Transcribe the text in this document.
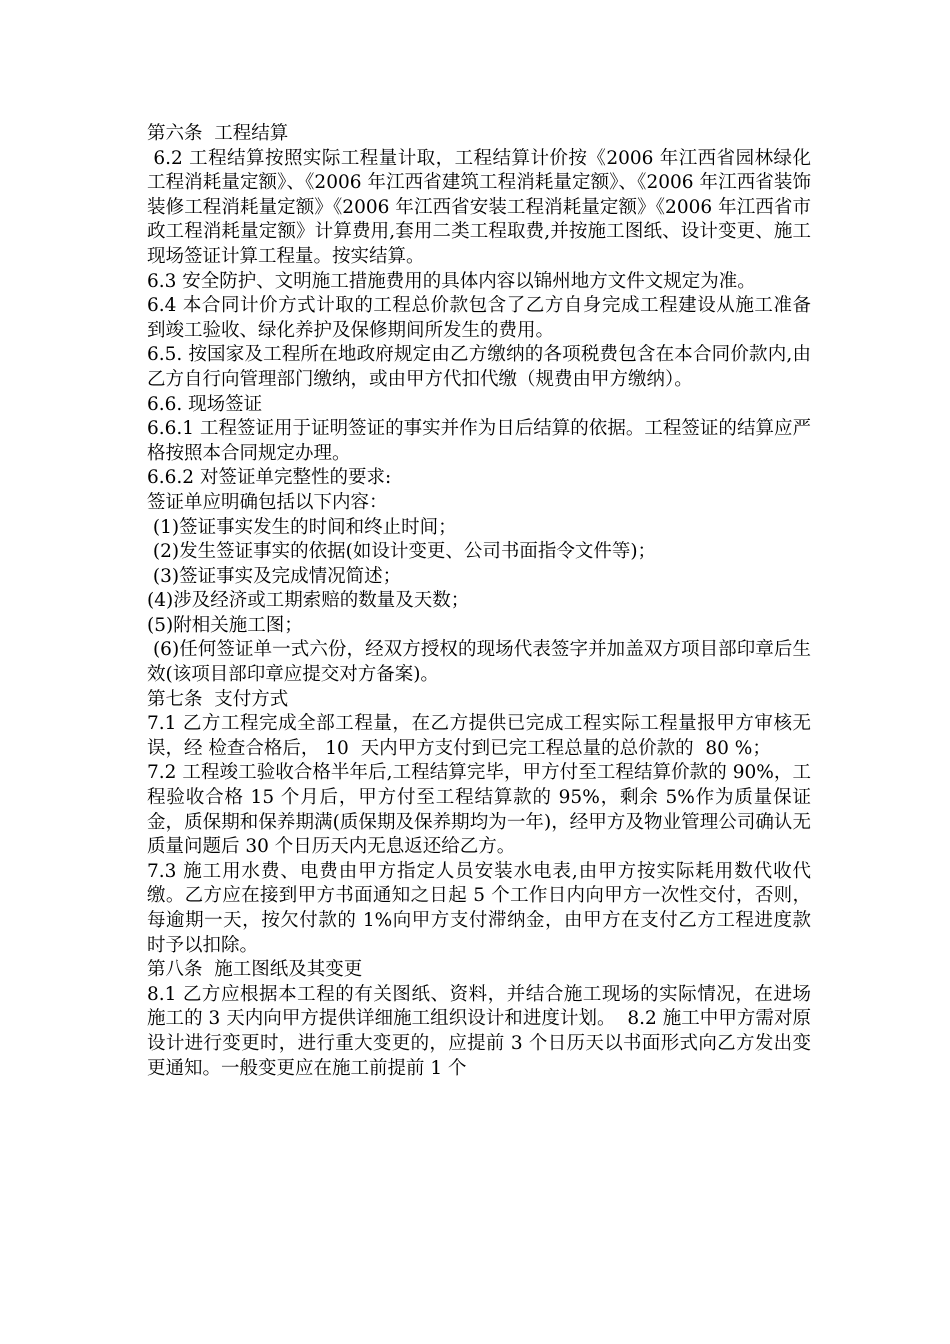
第六条  工程结算

6.2 工程结算按照实际工程量计取，工程结算计价按《2006 年江西省园林绿化工程消耗量定额》、《2006 年江西省建筑工程消耗量定额》、《2006 年江西省装饰装修工程消耗量定额》《2006 年江西省安装工程消耗量定额》《2006 年江西省市政工程消耗量定额》计算费用,套用二类工程取费,并按施工图纸、设计变更、施工现场签证计算工程量。按实结算。

6.3 安全防护、文明施工措施费用的具体内容以锦州地方文件文规定为准。

6.4 本合同计价方式计取的工程总价款包含了乙方自身完成工程建设从施工准备到竣工验收、绿化养护及保修期间所发生的费用。

6.5. 按国家及工程所在地政府规定由乙方缴纳的各项税费包含在本合同价款内,由乙方自行向管理部门缴纳，或由甲方代扣代缴（规费由甲方缴纳）。

6.6. 现场签证

6.6.1 工程签证用于证明签证的事实并作为日后结算的依据。工程签证的结算应严格按照本合同规定办理。

6.6.2 对签证单完整性的要求:

签证单应明确包括以下内容：

(1)签证事实发生的时间和终止时间；

(2)发生签证事实的依据(如设计变更、公司书面指令文件等)；

(3)签证事实及完成情况简述；

(4)涉及经济或工期索赔的数量及天数；

(5)附相关施工图；

(6)任何签证单一式六份，经双方授权的现场代表签字并加盖双方项目部印章后生效(该项目部印章应提交对方备案)。

第七条  支付方式

7.1 乙方工程完成全部工程量，在乙方提供已完成工程实际工程量报甲方审核无误，经 检查合格后， 10  天内甲方支付到已完工程总量的总价款的  80 %；

7.2 工程竣工验收合格半年后,工程结算完毕，甲方付至工程结算价款的 90%，工程验收合格 15 个月后，甲方付至工程结算款的 95%，剩余 5%作为质量保证金，质保期和保养期满(质保期及保养期均为一年)，经甲方及物业管理公司确认无质量问题后 30 个日历天内无息返还给乙方。

7.3 施工用水费、电费由甲方指定人员安装水电表,由甲方按实际耗用数代收代缴。乙方应在接到甲方书面通知之日起 5 个工作日内向甲方一次性交付，否则，每逾期一天，按欠付款的 1%向甲方支付滞纳金，由甲方在支付乙方工程进度款时予以扣除。

第八条  施工图纸及其变更

8.1 乙方应根据本工程的有关图纸、资料，并结合施工现场的实际情况，在进场施工的 3 天内向甲方提供详细施工组织设计和进度计划。  8.2 施工中甲方需对原设计进行变更时，进行重大变更的，应提前 3 个日历天以书面形式向乙方发出变更通知。一般变更应在施工前提前 1 个
